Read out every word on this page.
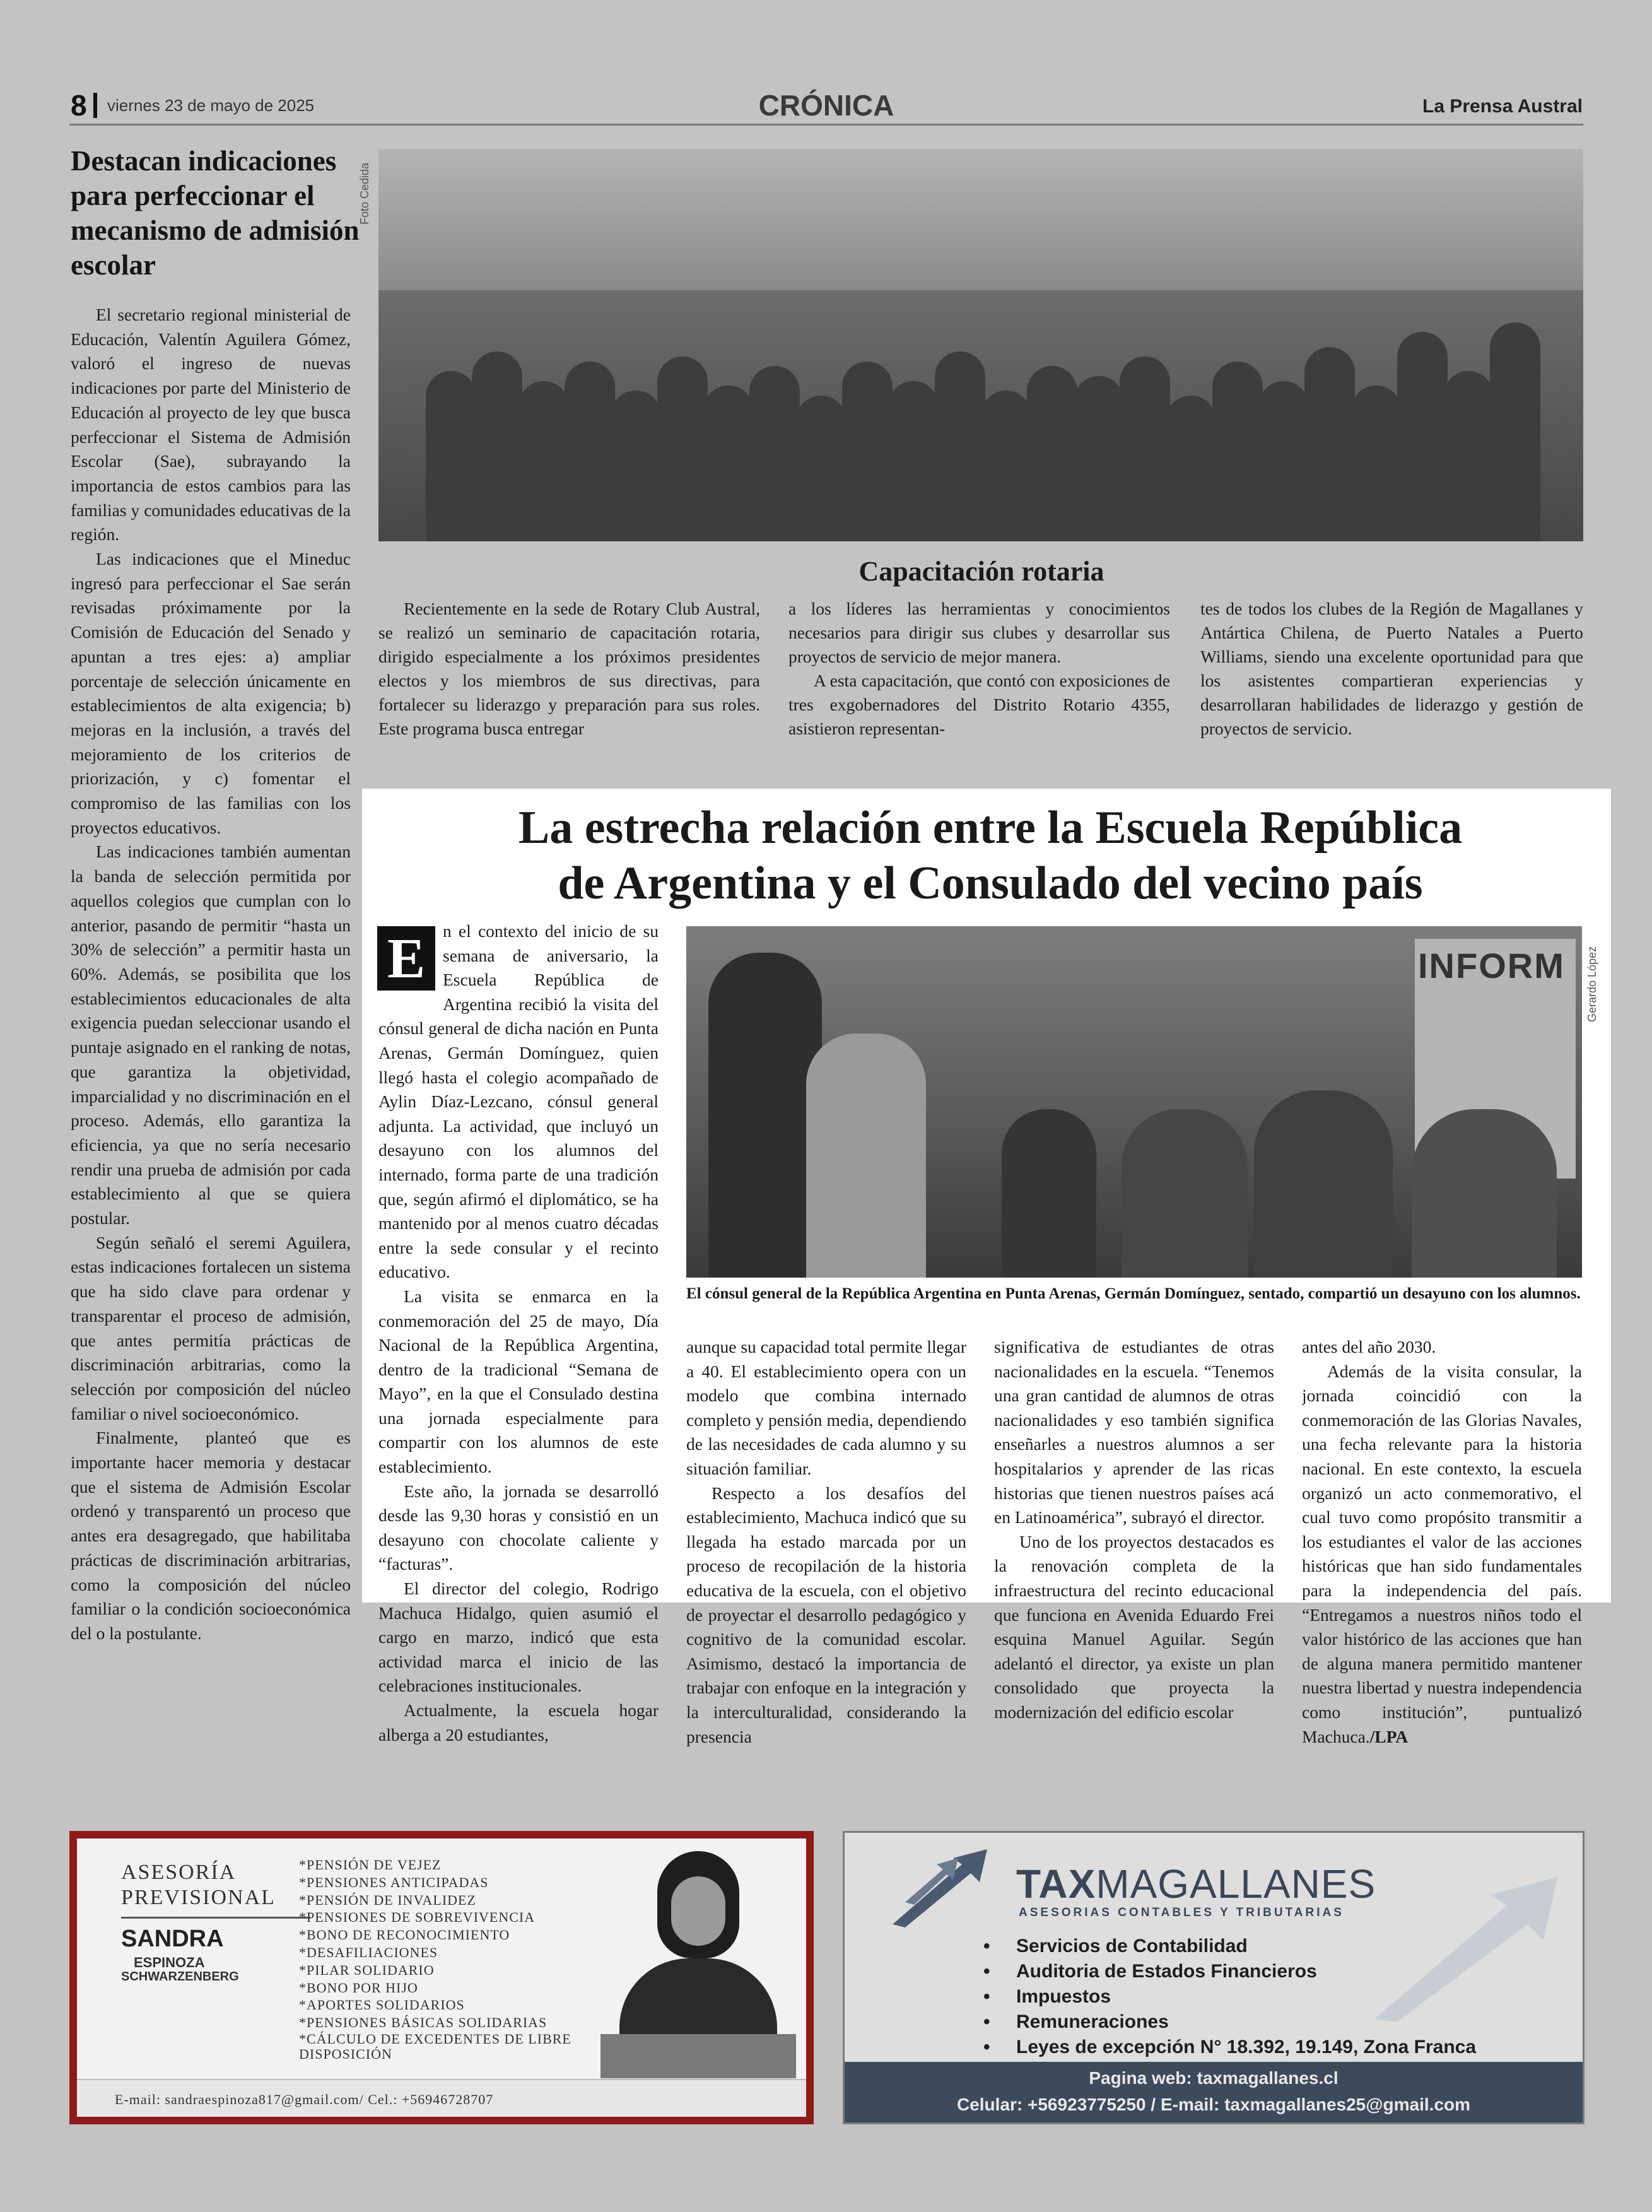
8	viernes 23 de mayo de 2025	CRÓNICA	La Prensa Austral
Destacan indicaciones para perfeccionar el mecanismo de admisión escolar

El secretario regional ministerial de Educación, Valentín Aguilera Gómez, valoró el ingreso de nuevas indicaciones por parte del Ministerio de Educación al proyecto de ley que busca perfeccionar el Sistema de Admisión Escolar (Sae), subrayando la importancia de estos cambios para las familias y comunidades educativas de la región.

Las indicaciones que el Mineduc ingresó para perfeccionar el Sae serán revisadas próximamente por la Comisión de Educación del Senado y apuntan a tres ejes: a) ampliar porcentaje de selección únicamente en establecimientos de alta exigencia; b) mejoras en la inclusión, a través del mejoramiento de los criterios de priorización, y c) fomentar el compromiso de las familias con los proyectos educativos.

Las indicaciones también aumentan la banda de selección permitida por aquellos colegios que cumplan con lo anterior, pasando de permitir “hasta un 30% de selección” a permitir hasta un 60%. Además, se posibilita que los establecimientos educacionales de alta exigencia puedan seleccionar usando el puntaje asignado en el ranking de notas, que garantiza la objetividad, imparcialidad y no discriminación en el proceso. Además, ello garantiza la eficiencia, ya que no sería necesario rendir una prueba de admisión por cada establecimiento al que se quiera postular.

Según señaló el seremi Aguilera, estas indicaciones fortalecen un sistema que ha sido clave para ordenar y transparentar el proceso de admisión, que antes permitía prácticas de discriminación arbitrarias, como la selección por composición del núcleo familiar o nivel socioeconómico.

Finalmente, planteó que es importante hacer memoria y destacar que el sistema de Admisión Escolar ordenó y transparentó un proceso que antes era desagregado, que habilitaba prácticas de discriminación arbitrarias, como la composición del núcleo familiar o la condición socioeconómica del o la postulante.

Foto Cedida
Capacitación rotaria

Recientemente en la sede de Rotary Club Austral, se realizó un seminario de capacitación rotaria, dirigido especialmente a los próximos presidentes electos y los miembros de sus directivas, para fortalecer su liderazgo y preparación para sus roles. Este programa busca entregar

a los líderes las herramientas y conocimientos necesarios para dirigir sus clubes y desarrollar sus proyectos de servicio de mejor manera.

A esta capacitación, que contó con exposiciones de tres exgobernadores del Distrito Rotario 4355, asistieron representan-

tes de todos los clubes de la Región de Magallanes y Antártica Chilena, de Puerto Natales a Puerto Williams, siendo una excelente oportunidad para que los asistentes compartieran experiencias y desarrollaran habilidades de liderazgo y gestión de proyectos de servicio.

La estrecha relación entre la Escuela República
de Argentina y el Consulado del vecino país

n el contexto del inicio de su semana de aniversario, la Escuela República de Argentina recibió la visita del cónsul general de dicha nación en Punta Arenas, Germán Domínguez, quien llegó hasta el colegio acompañado de Aylin Díaz-Lezcano, cónsul general adjunta. La actividad, que incluyó un desayuno con los alumnos del internado, forma parte de una tradición que, según afirmó el diplomático, se ha mantenido por al menos cuatro décadas entre la sede consular y el recinto educativo.

La visita se enmarca en la conmemoración del 25 de mayo, Día Nacional de la República Argentina, dentro de la tradicional “Semana de Mayo”, en la que el Consulado destina una jornada especialmente para compartir con los alumnos de este establecimiento.

Este año, la jornada se desarrolló desde las 9,30 horas y consistió en un desayuno con chocolate caliente y “facturas”.

El director del colegio, Rodrigo Machuca Hidalgo, quien asumió el cargo en marzo, indicó que esta actividad marca el inicio de las celebraciones institucionales.

Actualmente, la escuela hogar alberga a 20 estudiantes,

E	INFORM	Gerardo López
El cónsul general de la República Argentina en Punta Arenas, Germán Domínguez, sentado, compartió un desayuno con los alumnos.

aunque su capacidad total permite llegar a 40. El establecimiento opera con un modelo que combina internado completo y pensión media, dependiendo de las necesidades de cada alumno y su situación familiar.

Respecto a los desafíos del establecimiento, Machuca indicó que su llegada ha estado marcada por un proceso de recopilación de la historia educativa de la escuela, con el objetivo de proyectar el desarrollo pedagógico y cognitivo de la comunidad escolar. Asimismo, destacó la importancia de trabajar con enfoque en la integración y la interculturalidad, considerando la presencia

significativa de estudiantes de otras nacionalidades en la escuela. “Tenemos una gran cantidad de alumnos de otras nacionalidades y eso también significa enseñarles a nuestros alumnos a ser hospitalarios y aprender de las ricas historias que tienen nuestros países acá en Latinoamérica”, subrayó el director.

Uno de los proyectos destacados es la renovación completa de la infraestructura del recinto educacional que funciona en Avenida Eduardo Frei esquina Manuel Aguilar. Según adelantó el director, ya existe un plan consolidado que proyecta la modernización del edificio escolar

antes del año 2030.

Además de la visita consular, la jornada coincidió con la conmemoración de las Glorias Navales, una fecha relevante para la historia nacional. En este contexto, la escuela organizó un acto conmemorativo, el cual tuvo como propósito transmitir a los estudiantes el valor de las acciones históricas que han sido fundamentales para la independencia del país. “Entregamos a nuestros niños todo el valor histórico de las acciones que han de alguna manera permitido mantener nuestra libertad y nuestra independencia como institución”, puntualizó Machuca./LPA

ASESORÍA
PREVISIONAL
SANDRA
ESPINOZA
SCHWARZENBERG
*PENSIÓN DE VEJEZ
*PENSIONES ANTICIPADAS
*PENSIÓN DE INVALIDEZ
*PENSIONES DE SOBREVIVENCIA
*BONO DE RECONOCIMIENTO
*DESAFILIACIONES
*PILAR SOLIDARIO
*BONO POR HIJO
*APORTES SOLIDARIOS
*PENSIONES BÁSICAS SOLIDARIAS
*CÁLCULO DE EXCEDENTES DE LIBRE DISPOSICIÓN
E-mail: sandraespinoza817@gmail.com/ Cel.: +56946728707
TAXMAGALLANES
ASESORIAS CONTABLES Y TRIBUTARIAS
• Servicios de Contabilidad
• Auditoria de Estados Financieros
• Impuestos
• Remuneraciones
• Leyes de excepción N° 18.392, 19.149, Zona Franca
Pagina web: taxmagallanes.cl
Celular: +56923775250 / E-mail: taxmagallanes25@gmail.com
